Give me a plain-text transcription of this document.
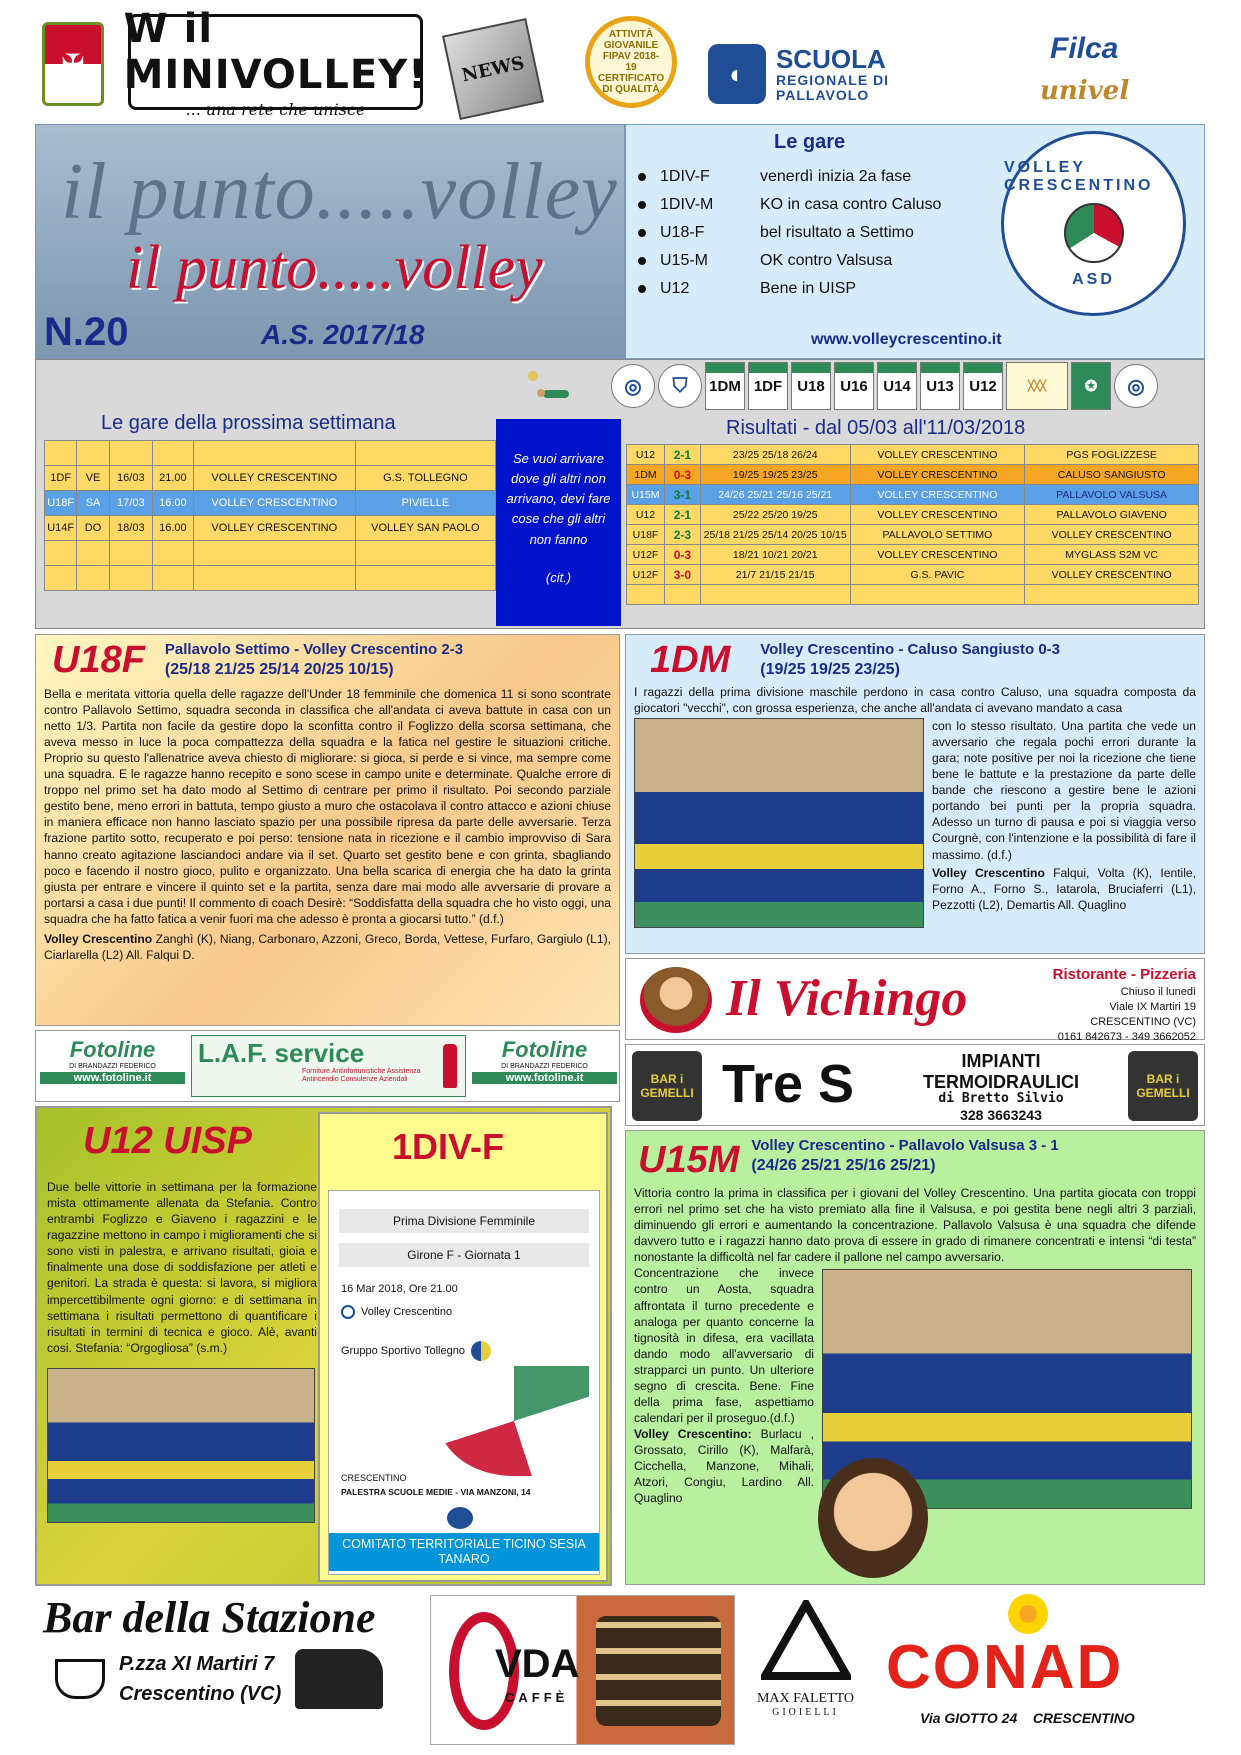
✠
W il MINIVOLLEY!
... una rete che unisce
NEWS
ATTIVITÀ GIOVANILE FIPAV 2018-19 CERTIFICATO DI QUALITÀ
◐	SCUOLA
REGIONALE DI PALLAVOLO
Filca
univel
il punto.....volley
il punto.....volley
N.20	A.S. 2017/18
Le gare
1DIV-F	venerdì inizia 2a fase
1DIV-M	KO in casa contro Caluso
U18-F	bel risultato a Settimo
U15-M	OK contro Valsusa
U12	Bene in UISP
www.volleycrescentino.it
VOLLEY CRESCENTINO
ASD
◎	⛉	1DM 1DF	U18	U16	U14	U13	U12	╳╳╳	✪	◎
Le gare della prossima settimana

1DF	VE	16/03	21.00	VOLLEY CRESCENTINO	G.S. TOLLEGNO
U18F	SA	17/03	16.00	VOLLEY CRESCENTINO	PIVIELLE
U14F	DO	18/03	16.00	VOLLEY CRESCENTINO	VOLLEY SAN PAOLO

Se vuoi arrivare dove gli altri non arrivano, devi fare cose che gli altri non fanno
(cit.)
Risultati - dal 05/03 all'11/03/2018
U12	2-1	23/25 25/18 26/24	VOLLEY CRESCENTINO	PGS FOGLIZZESE
1DM	0-3	19/25 19/25 23/25	VOLLEY CRESCENTINO	CALUSO SANGIUSTO
U15M	3-1	24/26 25/21 25/16 25/21	VOLLEY CRESCENTINO	PALLAVOLO VALSUSA
U12	2-1	25/22 25/20 19/25	VOLLEY CRESCENTINO	PALLAVOLO GIAVENO
U18F	2-3	25/18 21/25 25/14 20/25 10/15	PALLAVOLO SETTIMO	VOLLEY CRESCENTINO
U12F	0-3	18/21 10/21 20/21	VOLLEY CRESCENTINO	MYGLASS S2M VC
U12F	3-0	21/7 21/15 21/15	G.S. PAVIC	VOLLEY CRESCENTINO

U18F Pallavolo Settimo - Volley Crescentino 2-3
(25/18 21/25 25/14 20/25 10/15)

Bella e meritata vittoria quella delle ragazze dell'Under 18 femminile che domenica 11 si sono scontrate contro Pallavolo Settimo, squadra seconda in classifica che all'andata ci aveva battute in casa con un netto 1/3. Partita non facile da gestire dopo la sconfitta contro il Foglizzo della scorsa settimana, che aveva messo in luce la poca compattezza della squadra e la fatica nel gestire le situazioni critiche. Proprio su questo l'allenatrice aveva chiesto di migliorare: si gioca, si perde e si vince, ma sempre come una squadra. E le ragazze hanno recepito e sono scese in campo unite e determinate. Qualche errore di troppo nel primo set ha dato modo al Settimo di centrare per primo il risultato. Poi secondo parziale gestito bene, meno errori in battuta, tempo giusto a muro che ostacolava il contro attacco e azioni chiuse in maniera efficace non hanno lasciato spazio per una possibile ripresa da parte delle avversarie. Terza frazione partito sotto, recuperato e poi perso: tensione nata in ricezione e il cambio improvviso di Sara hanno creato agitazione lasciandoci andare via il set. Quarto set gestito bene e con grinta, sbagliando poco e facendo il nostro gioco, pulito e organizzato. Una bella scarica di energia che ha dato la grinta giusta per entrare e vincere il quinto set e la partita, senza dare mai modo alle avversarie di provare a portarsi a casa i due punti! Il commento di coach Desirè: “Soddisfatta della squadra che ho visto oggi, una squadra che ha fatto fatica a venir fuori ma che adesso è pronta a giocarsi tutto.” (d.f.)

Volley Crescentino Zanghì (K), Niang, Carbonaro, Azzoni, Greco, Borda, Vettese, Furfaro, Gargiulo (L1), Ciarlarella (L2) All. Falqui D.

1DM Volley Crescentino - Caluso Sangiusto 0-3
(19/25 19/25 23/25)

I ragazzi della prima divisione maschile perdono in casa contro Caluso, una squadra composta da giocatori "vecchi", con grossa esperienza, che anche all'andata ci avevano mandato a casa

con lo stesso risultato. Una partita che vede un avversario che regala pochi errori durante la gara; note positive per noi la ricezione che tiene bene le battute e la prestazione da parte delle bande che riescono a gestire bene le azioni portando bei punti per la propria squadra. Adesso un turno di pausa e poi si viaggia verso Courgnè, con l'intenzione e la possibilità di fare il massimo. (d.f.)

Volley Crescentino Falqui, Volta (K), Ientile, Forno A., Forno S., Iatarola, Bruciaferri (L1), Pezzotti (L2), Demartis All. Quaglino

Il Vichingo	Ristorante - Pizzeria
Chiuso il lunedì
Viale IX Martiri 19
CRESCENTINO (VC)
0161 842673 - 349 3662052
Fotoline
DI BRANDAZZI FEDERICO
www.fotoline.it
L.A.F. service
Forniture Antinfortunistiche Assistenza Antincendio Consulenze Aziendali
Fotoline
DI BRANDAZZI FEDERICO
www.fotoline.it	BAR i GEMELLI Tre S	IMPIANTI
TERMOIDRAULICI
di Bretto Silvio
328 3663243
BAR i GEMELLI
U12 UISP

Due belle vittorie in settimana per la formazione mista ottimamente allenata da Stefania. Contro entrambi Foglizzo e Giaveno i ragazzini e le ragazzine mettono in campo i miglioramenti che si sono visti in palestra, e arrivano risultati, gioia e finalmente una dose di soddisfazione per atleti e genitori. La strada è questa: si lavora, si migliora impercettibilmente ogni giorno: e di settimana in settimana i risultati permettono di quantificare i risultati in termini di tecnica e gioco. Alè, avanti cosi. Stefania: “Orgogliosa” (s.m.)

1DIV-F
Prima Divisione Femminile
Girone F - Giornata 1
16 Mar 2018, Ore 21.00
Volley Crescentino
Gruppo Sportivo Tollegno
CRESCENTINO
PALESTRA SCUOLE MEDIE - VIA MANZONI, 14
COMITATO TERRITORIALE TICINO SESIA TANARO
U15M Volley Crescentino - Pallavolo Valsusa 3 - 1
(24/26 25/21 25/16 25/21)

Vittoria contro la prima in classifica per i giovani del Volley Crescentino. Una partita giocata con troppi errori nel primo set che ha visto premiato alla fine il Valsusa, e poi gestita bene negli altri 3 parziali, diminuendo gli errori e aumentando la concentrazione. Pallavolo Valsusa è una squadra che difende davvero tutto e i ragazzi hanno dato prova di essere in grado di rimanere concentrati e intensi “di testa” nonostante la difficoltà nel far cadere il pallone nel campo avversario.

Concentrazione che invece contro un Aosta, squadra affrontata il turno precedente e analoga per quanto concerne la tignosità in difesa, era vacillata dando modo all'avversario di strapparci un punto. Un ulteriore segno di crescita. Bene. Fine della prima fase, aspettiamo calendari per il proseguo.(d.f.)

Volley Crescentino: Burlacu , Grossato, Cirillo (K), Malfarà, Cicchella, Manzone, Mihali, Atzori, Congiu, Lardino All. Quaglino

Bar della Stazione
P.zza XI Martiri 7
Crescentino (VC)
VDA
CAFFÈ	MAX FALETTO
GIOIELLI
CONAD
Via GIOTTO 24    CRESCENTINO
